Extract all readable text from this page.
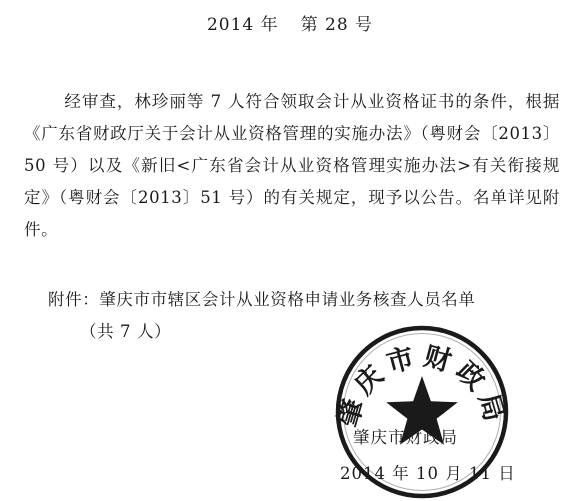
2014 年 第 28 号

经审查，林珍丽等 7 人符合领取会计从业资格证书的条件，根据《广东省财政厅关于会计从业资格管理的实施办法》（粤财会〔2013〕50 号）以及《新旧<广东省会计从业资格管理实施办法>有关衔接规定》（粤财会〔2013〕51 号）的有关规定，现予以公告。名单详见附件。

附件：肇庆市市辖区会计从业资格申请业务核查人员名单
（共 7 人）
肇庆市财政局
肇庆市财政局
2014 年 10 月 11 日
